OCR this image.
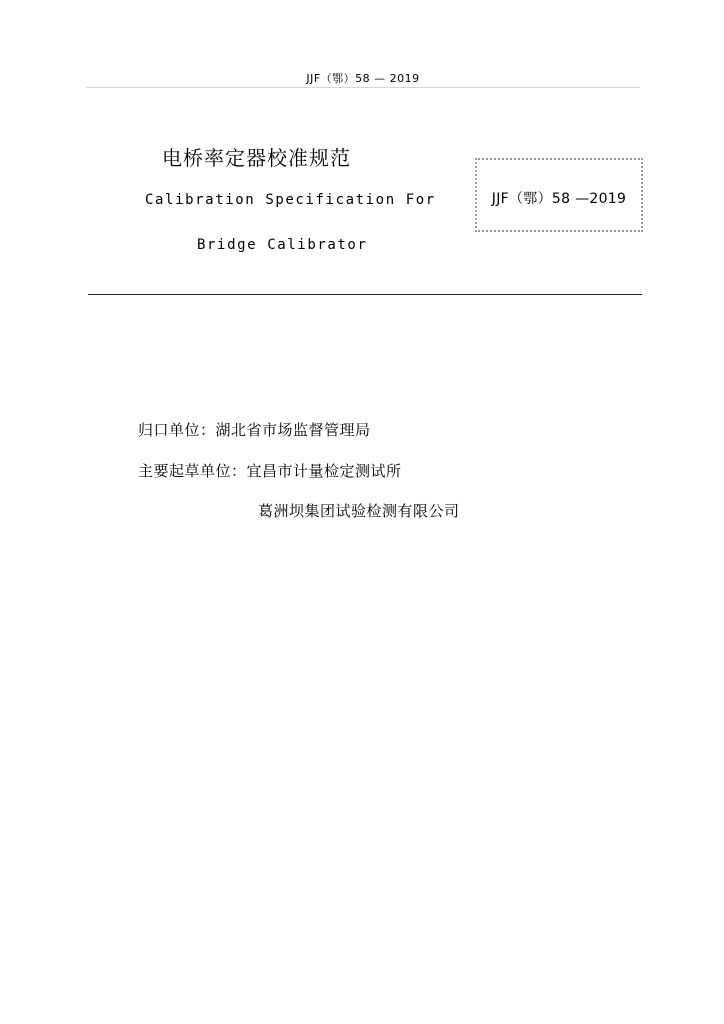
JJF（鄂）58 — 2019
电桥率定器校准规范
Calibration Specification For
Bridge Calibrator
JJF（鄂）58 —2019
归口单位：湖北省市场监督管理局
主要起草单位：宜昌市计量检定测试所
葛洲坝集团试验检测有限公司
